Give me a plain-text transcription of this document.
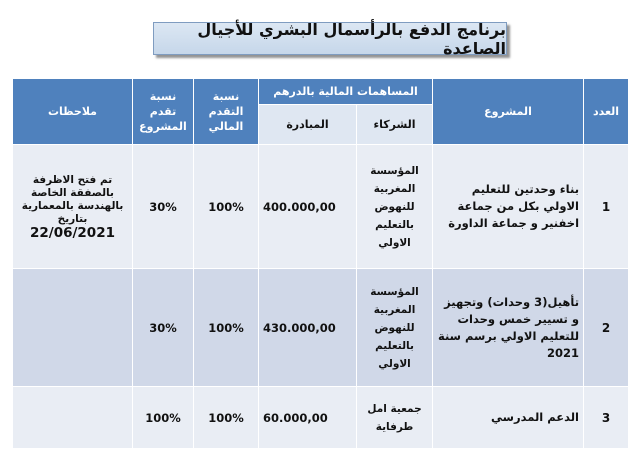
برنامج الدفع بالرأسمال البشري للأجيال الصاعدة
العدد	المشروع	المساهمات المالية بالدرهم		نسبة التقدم المالي	نسبة تقدم المشروع	ملاحظات
		الشركاء	المبادرة			
1	بناء وحدتين للتعليم الاولي بكل من جماعة اخفنير و جماعة الداورة	المؤسسة المغربية للنهوض بالتعليم الاولي	400.000,00	100%	30%	تم فتح الاظرفة بالصفقة الخاصة بالهندسة بالمعمارية بتاريخ
22/06/2021

2	تأهيل(3 وحدات) وتجهيز و تسيير خمس وحدات للتعليم الاولي برسم سنة 2021	المؤسسة المغربية للنهوض بالتعليم الاولي	430.000,00	100%	30%	
3	الدعم المدرسي	جمعية امل طرفاية	60.000,00	100%	100%	
